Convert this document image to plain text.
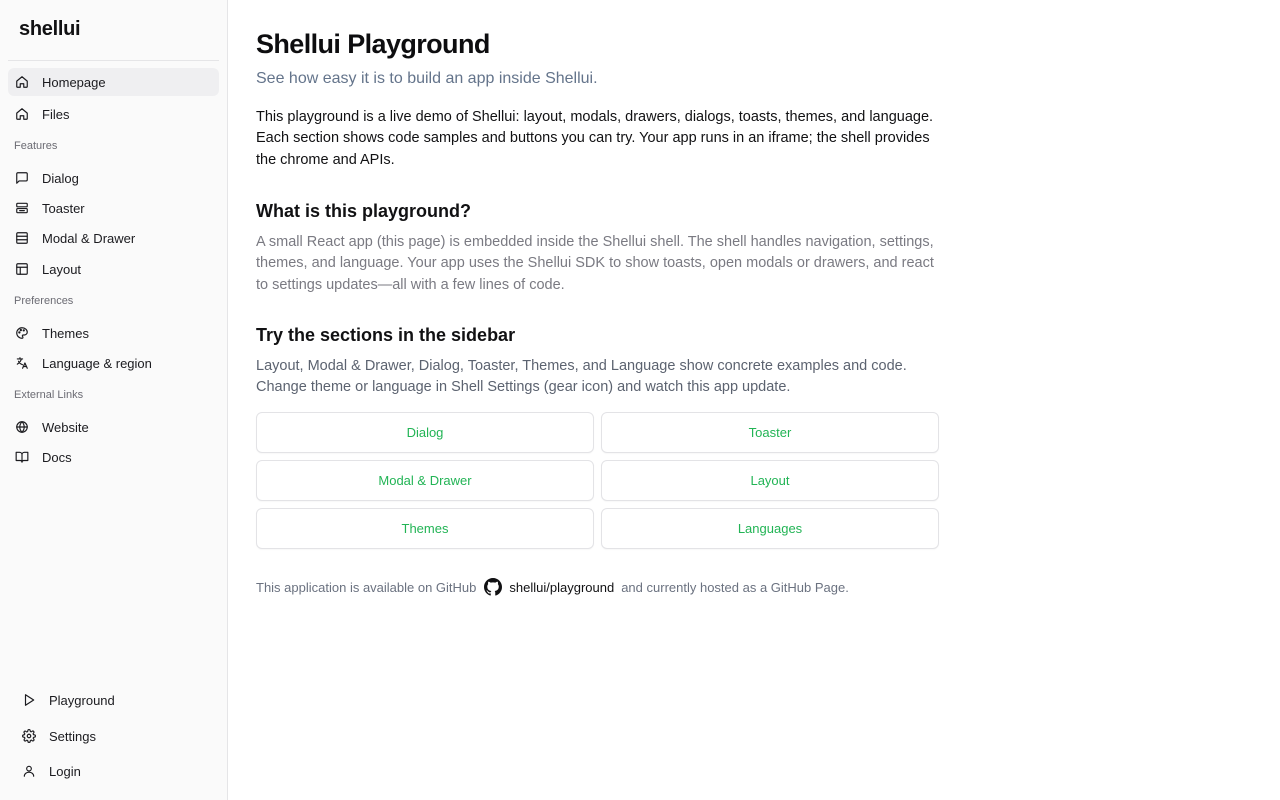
shellui
Homepage
Files
Features
Dialog
Toaster
Modal & Drawer
Layout
Preferences
Themes
Language & region
External Links
Website
Docs
Playground
Settings
Login
Shellui Playground
See how easy it is to build an app inside Shellui.

This playground is a live demo of Shellui: layout, modals, drawers, dialogs, toasts, themes, and language. Each section shows code samples and buttons you can try. Your app runs in an iframe; the shell provides the chrome and APIs.

What is this playground?

A small React app (this page) is embedded inside the Shellui shell. The shell handles navigation, settings, themes, and language. Your app uses the Shellui SDK to show toasts, open modals or drawers, and react to settings updates—all with a few lines of code.

Try the sections in the sidebar

Layout, Modal & Drawer, Dialog, Toaster, Themes, and Language show concrete examples and code. Change theme or language in Shell Settings (gear icon) and watch this app update.

Dialog	Toaster
Modal & Drawer	Layout
Themes	Languages
This application is available on GitHub	shellui/playground and currently hosted as a GitHub Page.
